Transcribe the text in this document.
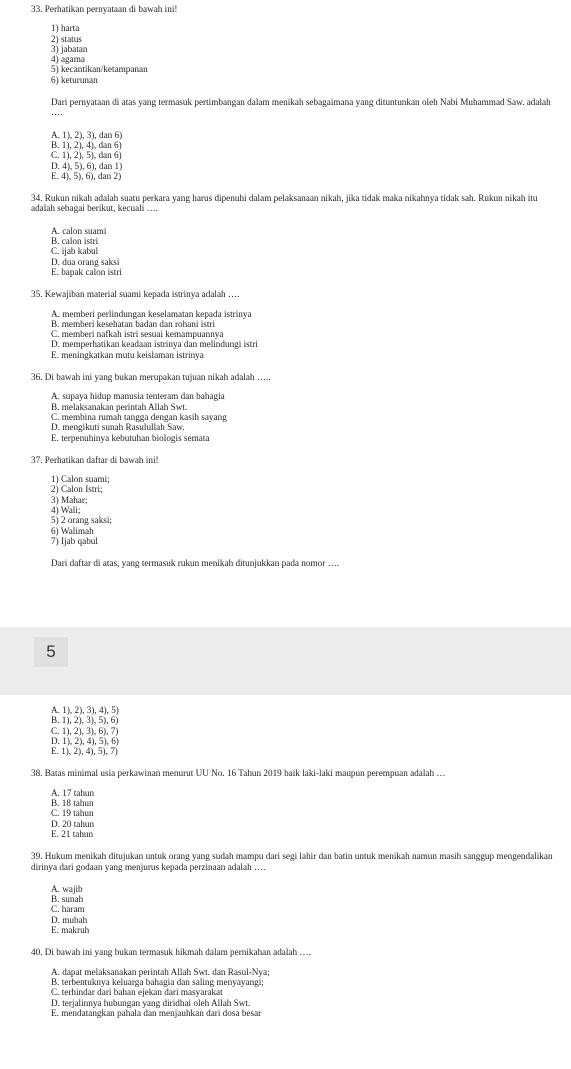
33. Perhatikan pernyataan di bawah ini!
1) harta
2) status
3) jabatan
4) agama
5) kecantikan/ketampanan
6) keturunan
Dari pernyataan di atas yang termasuk pertimbangan dalam menikah sebagaimana yang dituntunkan oleh Nabi Muhammad Saw. adalah ….
A. 1), 2), 3), dan 6)
B. 1), 2), 4), dan 6)
C. 1), 2), 5), dan 6)
D. 4), 5), 6), dan 1)
E. 4), 5), 6), dan 2)
34. Rukun nikah adalah suatu perkara yang harus dipenuhi dalam pelaksanaan nikah, jika tidak maka nikahnya tidak sah. Rukun nikah itu adalah sebagai berikut, kecuali ….
A. calon suami
B. calon istri
C. ijab kabul
D. dua orang saksi
E. bapak calon istri
35. Kewajiban material suami kepada istrinya adalah ….
A. memberi perlindungan keselamatan kepada istrinya
B. memberi kesehatan badan dan rohani istri
C. memberi nafkah istri sesuai kemampuannya
D. memperhatikan keadaan istrinya dan melindungi istri
E. meningkatkan mutu keislaman istrinya
36. Di bawah ini yang bukan merupakan tujuan nikah adalah …..
A. supaya hidup manusia tenteram dan bahagia
B. melaksanakan perintah Allah Swt.
C. membina rumah tangga dengan kasih sayang
D. mengikuti sunah Rasulullah Saw.
E. terpenuhinya kebutuhan biologis semata
37. Perhatikan daftar di bawah ini!
1) Calon suami;
2) Calon Istri;
3) Mahar;
4) Wali;
5) 2 orang saksi;
6) Walimah
7) Ijab qabul
Dari daftar di atas, yang termasuk rukun menikah ditunjukkan pada nomor ….
5
A. 1), 2), 3), 4), 5)
B. 1), 2), 3), 5), 6)
C. 1), 2), 3), 6), 7)
D. 1), 2), 4), 5), 6)
E. 1), 2), 4), 5), 7)
38. Batas minimal usia perkawinan menurut UU No. 16 Tahun 2019 baik laki-laki maupun perempuan adalah …
A. 17 tahun
B. 18 tahun
C. 19 tahun
D. 20 tahun
E. 21 tahun
39. Hukum menikah ditujukan untuk orang yang sudah mampu dari segi lahir dan batin untuk menikah namun masih sanggup mengendalikan dirinya dari godaan yang menjurus kepada perzinaan adalah ….
A. wajib
B. sunah
C. haram
D. mubah
E. makruh
40. Di bawah ini yang bukan termasuk hikmah dalam pernikahan adalah ….
A. dapat melaksanakan perintah Allah Swt. dan Rasul-Nya;
B. terbentuknya keluarga bahagia dan saling menyayangi;
C. terhindar dari bahan ejekan dari masyarakat
D. terjalinnya hubungan yang diridhai oleh Allah Swt.
E. mendatangkan pahala dan menjauhkan dari dosa besar
